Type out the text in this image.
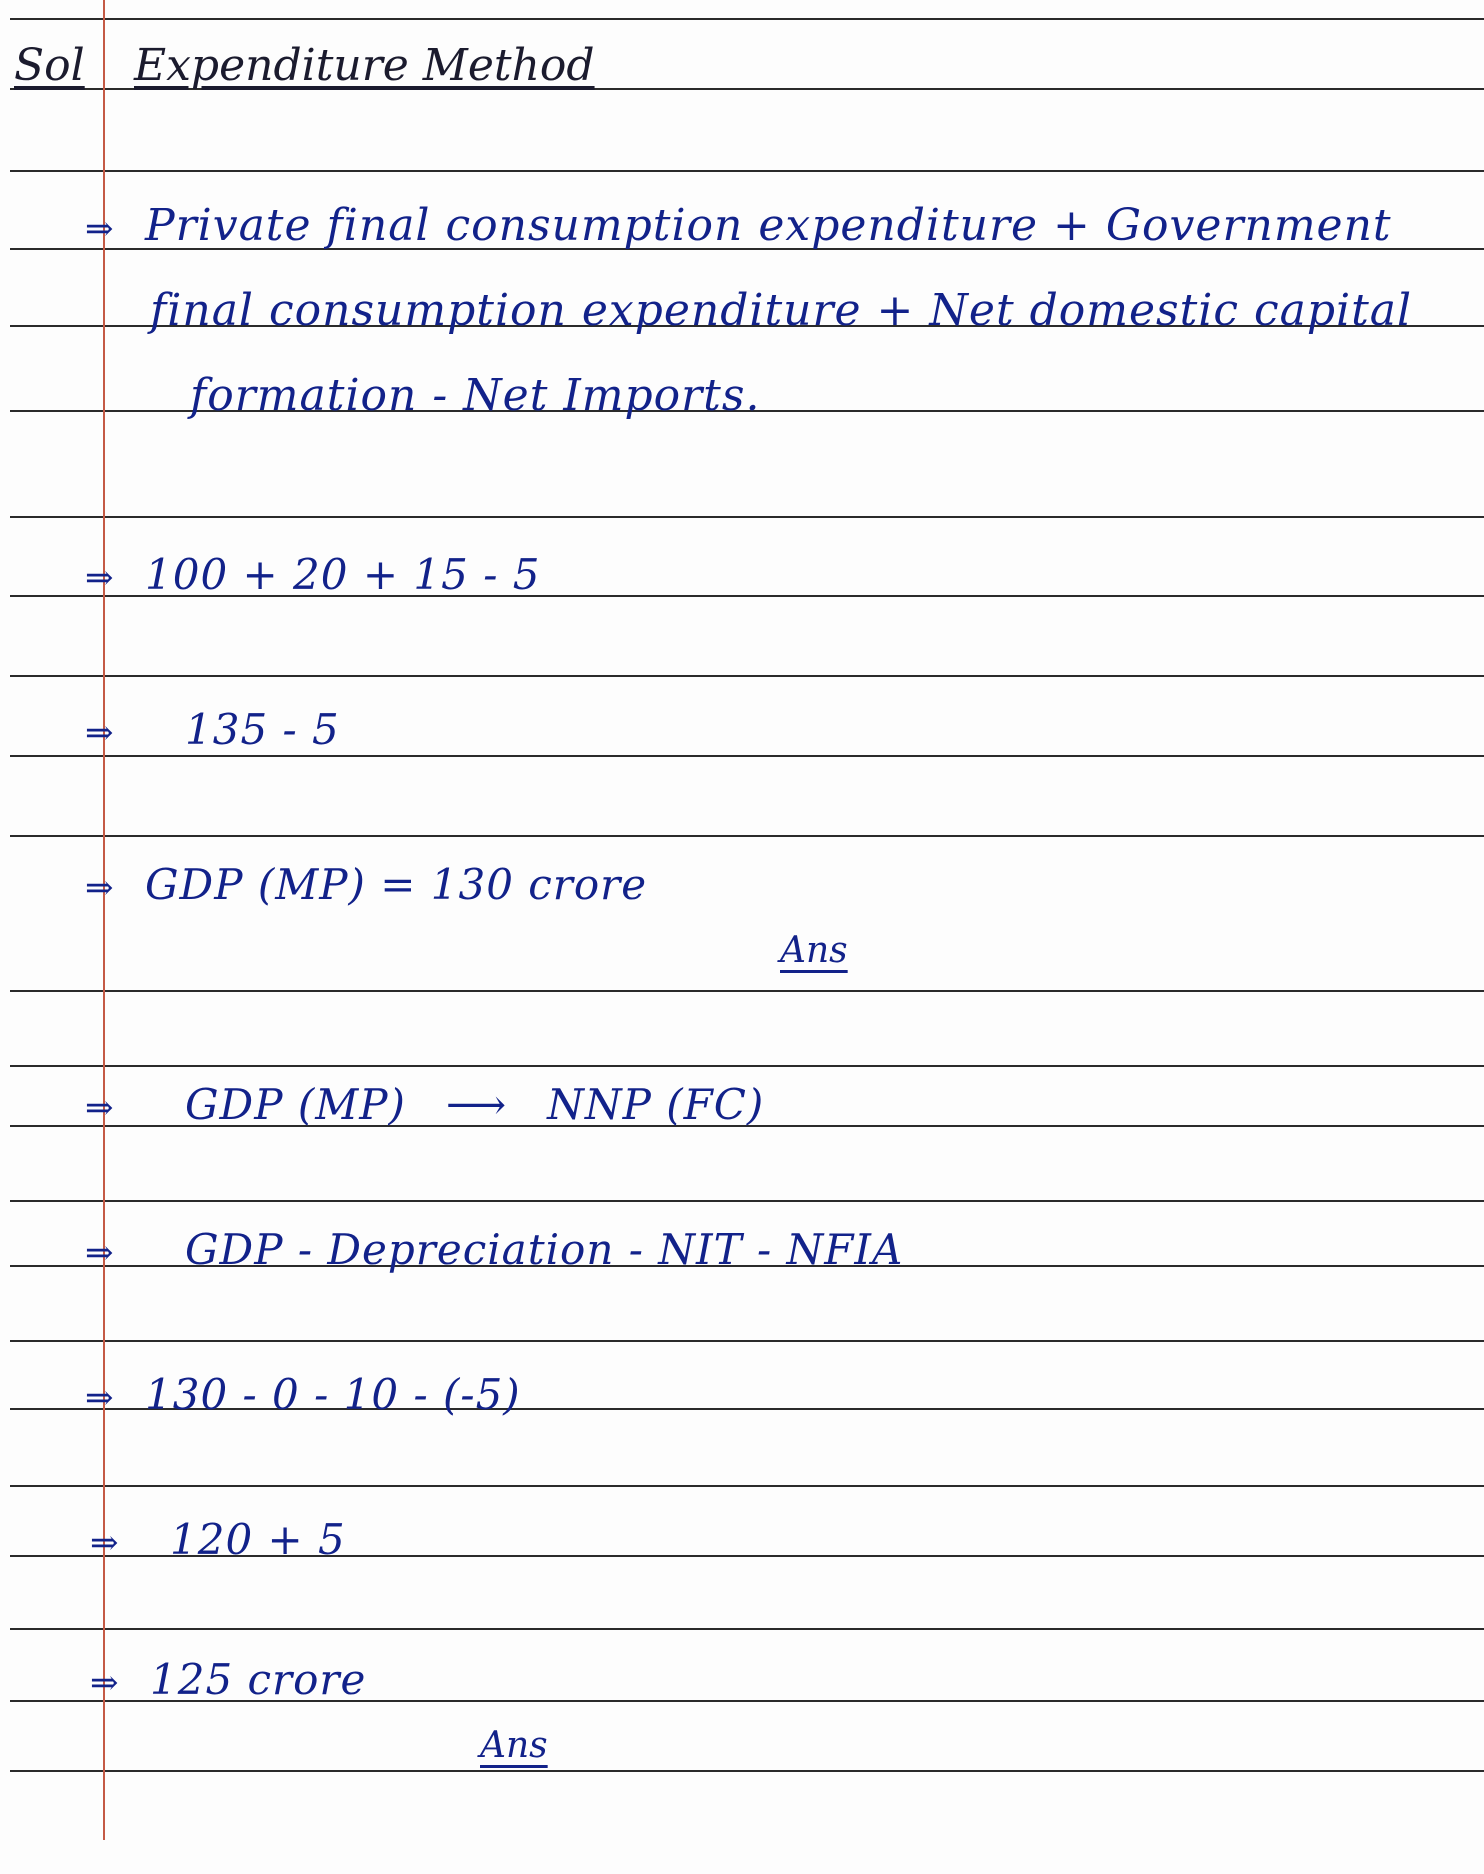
Sol Expenditure Method
⇒ Private final consumption expenditure + Government
final consumption expenditure + Net domestic capital
formation - Net Imports.
⇒ 100 + 20 + 15 - 5
⇒ 135 - 5
⇒ GDP (MP) = 130 crore
Ans
⇒ GDP (MP) ⟶ NNP (FC)
⇒ GDP - Depreciation - NIT - NFIA
⇒ 130 - 0 - 10 - (-5)
⇒ 120 + 5
⇒ 125 crore
Ans
